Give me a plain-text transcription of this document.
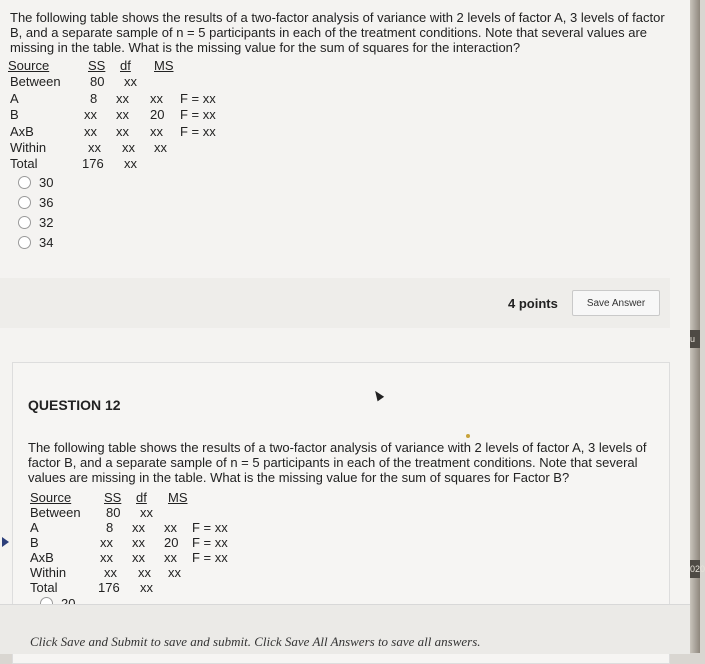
The following table shows the results of a two-factor analysis of variance with 2 levels of factor A, 3 levels of factor B, and a separate sample of n = 5 participants in each of the treatment conditions. Note that several values are missing in the table. What is the missing value for the sum of squares for the interaction?
Source	SS df MS
Between 80 xx
A	8 xx xx F = xx
B	xx xx 20 F = xx
AxB	xx xx xx F = xx
Within	xx xx xx
Total	176 xx
30
36
32
34
4 points	Save Answer
QUESTION 12
The following table shows the results of a two-factor analysis of variance with 2 levels of factor A, 3 levels of factor B, and a separate sample of n = 5 participants in each of the treatment conditions. Note that several values are missing in the table. What is the missing value for the sum of squares for Factor B?
Source	SS df MS
Between 80 xx
A	8 xx xx F = xx
B	xx xx 20 F = xx
AxB	xx xx xx F = xx
Within	xx xx xx
Total	176 xx
Click Save and Submit to save and submit. Click Save All Answers to save all answers.
u
020
